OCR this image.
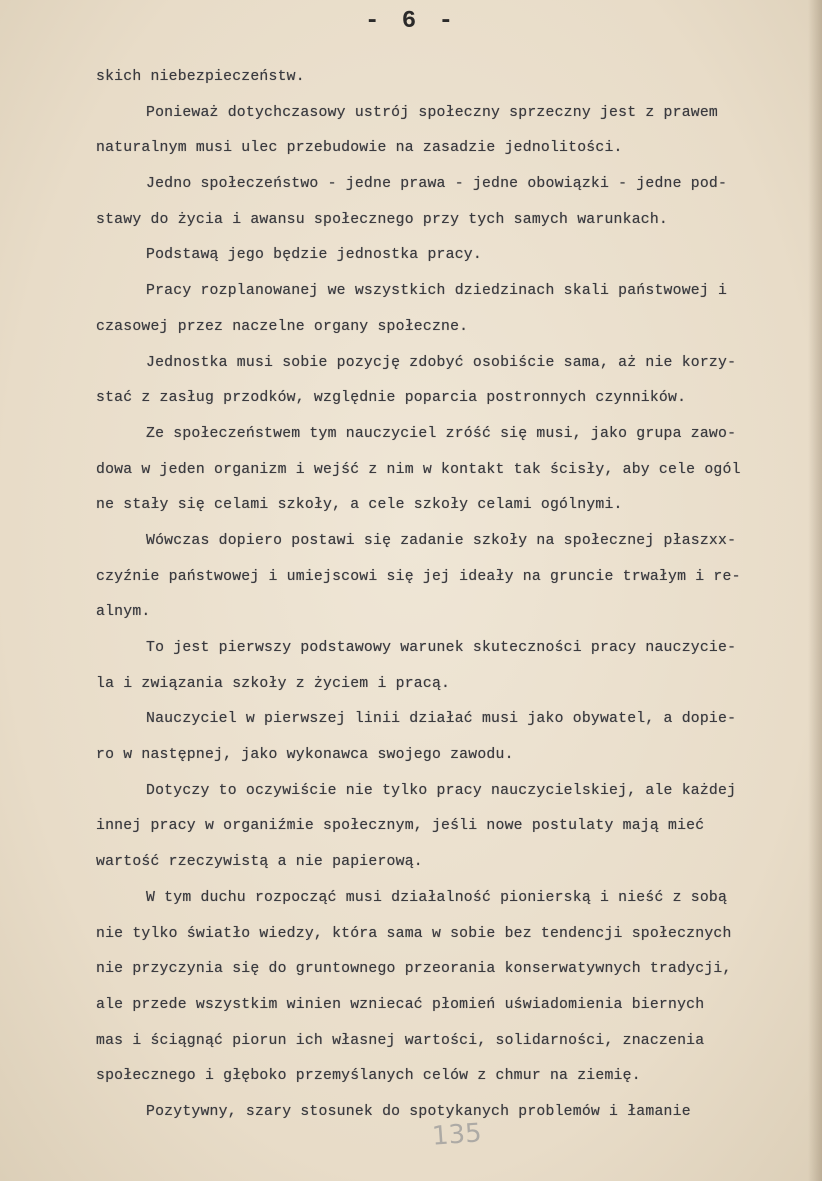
- 6 -
skich niebezpieczeństw.
Ponieważ dotychczasowy ustrój społeczny sprzeczny jest z prawem
naturalnym musi ulec przebudowie na zasadzie jednolitości.
Jedno społeczeństwo - jedne prawa - jedne obowiązki - jedne pod-
stawy do życia i awansu społecznego przy tych samych warunkach.
Podstawą jego będzie jednostka pracy.
Pracy rozplanowanej we wszystkich dziedzinach skali państwowej i
czasowej przez naczelne organy społeczne.
Jednostka musi sobie pozycję zdobyć osobiście sama, aż nie korzy-
stać z zasług przodków, względnie poparcia postronnych czynników.
Ze społeczeństwem tym nauczyciel zróść się musi, jako grupa zawo-
dowa w jeden organizm i wejść z nim w kontakt tak ścisły, aby cele ogól
ne stały się celami szkoły, a cele szkoły celami ogólnymi.
Wówczas dopiero postawi się zadanie szkoły na społecznej płaszxx-
czyźnie państwowej i umiejscowi się jej ideały na gruncie trwałym i re-
alnym.
To jest pierwszy podstawowy warunek skuteczności pracy nauczycie-
la i związania szkoły z życiem i pracą.
Nauczyciel w pierwszej linii działać musi jako obywatel, a dopie-
ro w następnej, jako wykonawca swojego zawodu.
Dotyczy to oczywiście nie tylko pracy nauczycielskiej, ale każdej
innej pracy w organiźmie społecznym, jeśli nowe postulaty mają mieć
wartość rzeczywistą a nie papierową.
W tym duchu rozpocząć musi działalność pionierską i nieść z sobą
nie tylko światło wiedzy, która sama w sobie bez tendencji społecznych
nie przyczynia się do gruntownego przeorania konserwatywnych tradycji,
ale przede wszystkim winien wzniecać płomień uświadomienia biernych
mas i ściągnąć piorun ich własnej wartości, solidarności, znaczenia
społecznego i głęboko przemyślanych celów z chmur na ziemię.
Pozytywny, szary stosunek do spotykanych problemów i łamanie
135
